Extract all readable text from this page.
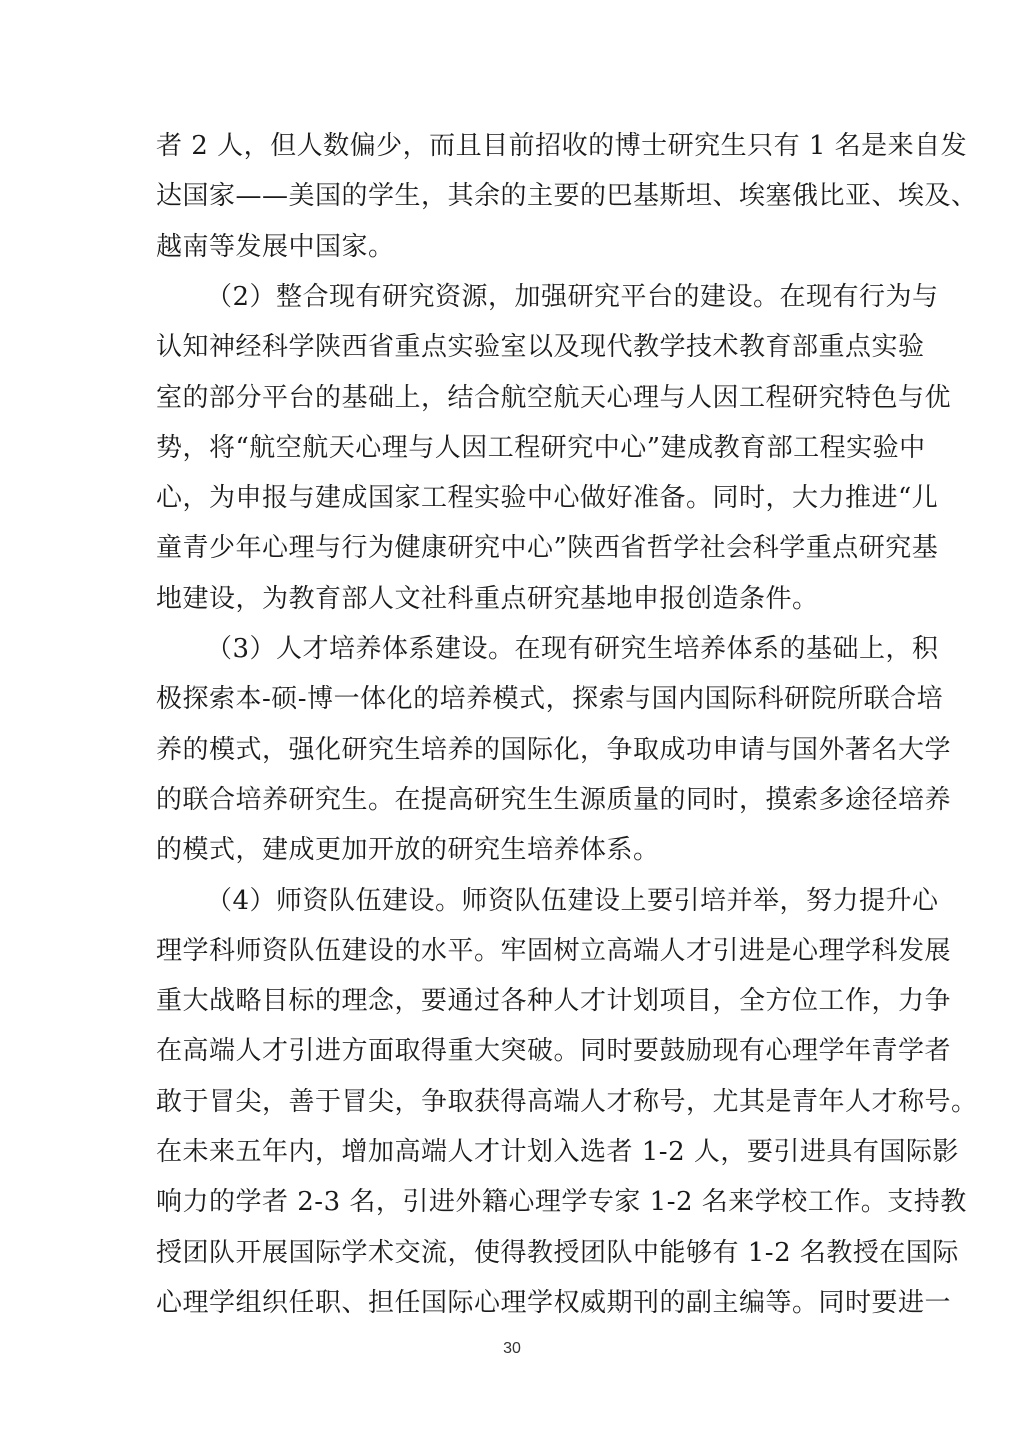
者 2 人，但人数偏少，而且目前招收的博士研究生只有 1 名是来自发
达国家——美国的学生，其余的主要的巴基斯坦、埃塞俄比亚、埃及、
越南等发展中国家。
（2）整合现有研究资源，加强研究平台的建设。在现有行为与
认知神经科学陕西省重点实验室以及现代教学技术教育部重点实验
室的部分平台的基础上，结合航空航天心理与人因工程研究特色与优
势，将“航空航天心理与人因工程研究中心”建成教育部工程实验中
心，为申报与建成国家工程实验中心做好准备。同时，大力推进“儿
童青少年心理与行为健康研究中心”陕西省哲学社会科学重点研究基
地建设，为教育部人文社科重点研究基地申报创造条件。
（3）人才培养体系建设。在现有研究生培养体系的基础上，积
极探索本-硕-博一体化的培养模式，探索与国内国际科研院所联合培
养的模式，强化研究生培养的国际化，争取成功申请与国外著名大学
的联合培养研究生。在提高研究生生源质量的同时，摸索多途径培养
的模式，建成更加开放的研究生培养体系。
（4）师资队伍建设。师资队伍建设上要引培并举，努力提升心
理学科师资队伍建设的水平。牢固树立高端人才引进是心理学科发展
重大战略目标的理念，要通过各种人才计划项目，全方位工作，力争
在高端人才引进方面取得重大突破。同时要鼓励现有心理学年青学者
敢于冒尖，善于冒尖，争取获得高端人才称号，尤其是青年人才称号。
在未来五年内，增加高端人才计划入选者 1-2 人，要引进具有国际影
响力的学者 2-3 名，引进外籍心理学专家 1-2 名来学校工作。支持教
授团队开展国际学术交流，使得教授团队中能够有 1-2 名教授在国际
心理学组织任职、担任国际心理学权威期刊的副主编等。同时要进一
30
